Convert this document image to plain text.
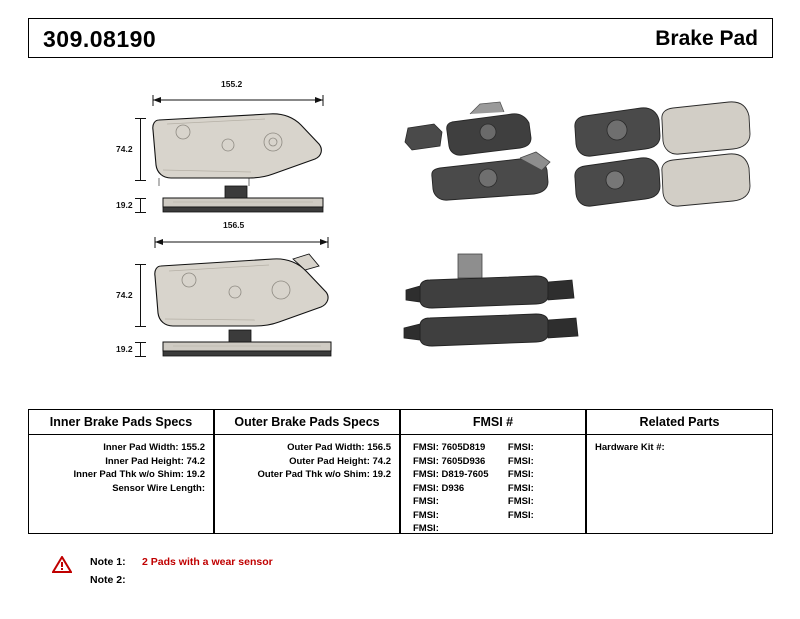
309.08190	Brake Pad
155.2
74.2
19.2
156.5
74.2
19.2
Inner Brake Pads Specs
Inner Pad Width: 155.2
Inner Pad Height: 74.2
Inner Pad Thk w/o Shim: 19.2
Sensor Wire Length:
Outer Brake Pads Specs
Outer Pad Width: 156.5
Outer Pad Height: 74.2
Outer Pad Thk w/o Shim: 19.2
FMSI #
FMSI: 7605D819	FMSI:
FMSI: 7605D936	FMSI:
FMSI: D819-7605	FMSI:
FMSI: D936	FMSI:
FMSI:	FMSI:
FMSI:	FMSI:
FMSI:
Related Parts
Hardware Kit #:
Note 1: 2 Pads with a wear sensor
Note 2:
